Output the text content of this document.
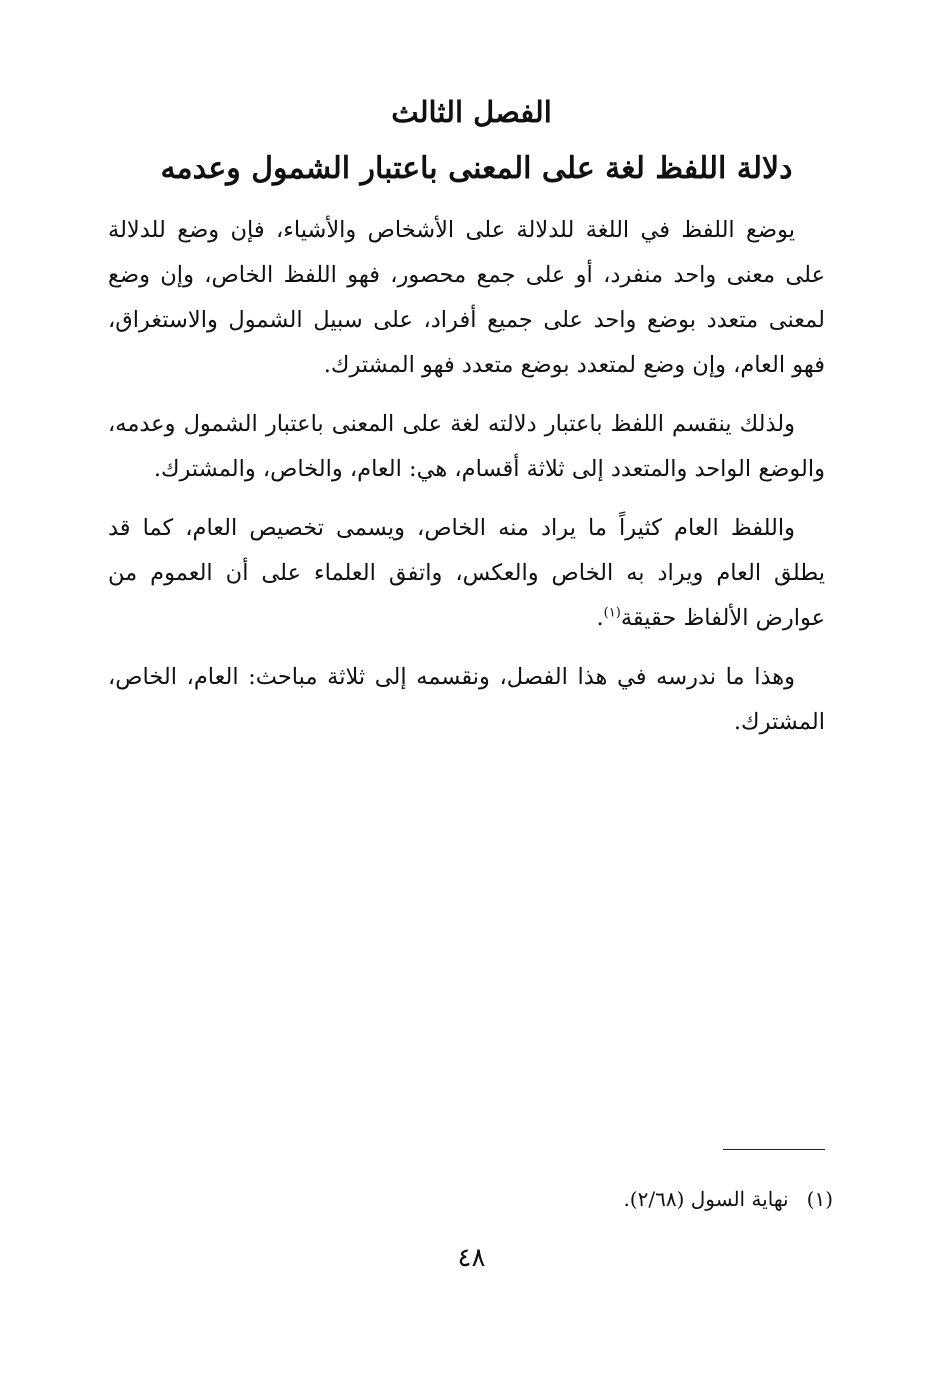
الفصل الثالث
دلالة اللفظ لغة على المعنى باعتبار الشمول وعدمه

يوضع اللفظ في اللغة للدلالة على الأشخاص والأشياء، فإن وضع للدلالة على معنى واحد منفرد، أو على جمع محصور، فهو اللفظ الخاص، وإن وضع لمعنى متعدد بوضع واحد على جميع أفراد، على سبيل الشمول والاستغراق، فهو العام، وإن وضع لمتعدد بوضع متعدد فهو المشترك.

ولذلك ينقسم اللفظ باعتبار دلالته لغة على المعنى باعتبار الشمول وعدمه، والوضع الواحد والمتعدد إلى ثلاثة أقسام، هي: العام، والخاص، والمشترك.

واللفظ العام كثيراً ما يراد منه الخاص، ويسمى تخصيص العام، كما قد يطلق العام ويراد به الخاص والعكس، واتفق العلماء على أن العموم من عوارض الألفاظ حقيقة$^{(١)}$.

وهذا ما ندرسه في هذا الفصل، ونقسمه إلى ثلاثة مباحث: العام، الخاص، المشترك.

(١)نهاية السول (٢/٦٨).
٤٨
